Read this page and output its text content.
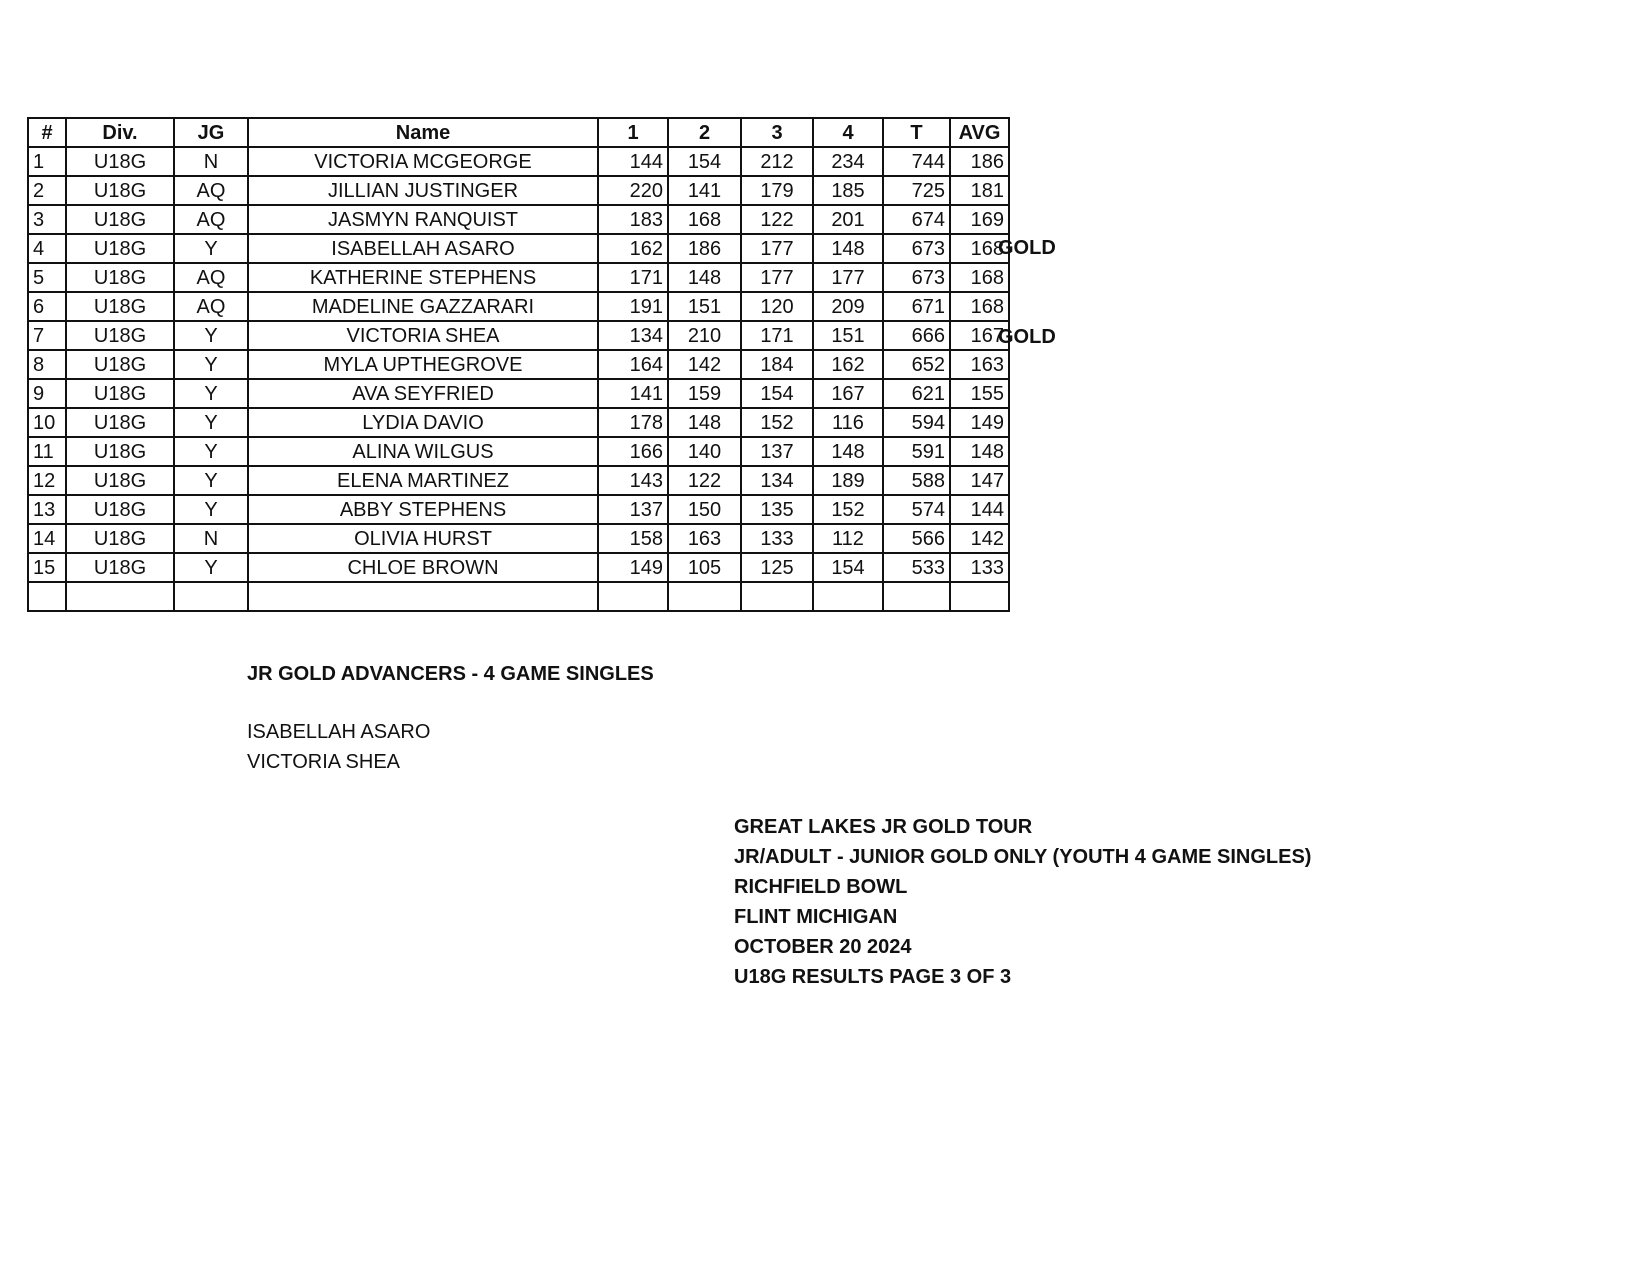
#	Div.	JG	Name	1	2	3	4	T	AVG
1	U18G	N	VICTORIA MCGEORGE	144	154	212	234	744	186
2	U18G	AQ	JILLIAN JUSTINGER	220	141	179	185	725	181
3	U18G	AQ	JASMYN RANQUIST	183	168	122	201	674	169
4	U18G	Y	ISABELLAH ASARO	162	186	177	148	673	168
5	U18G	AQ	KATHERINE STEPHENS	171	148	177	177	673	168
6	U18G	AQ	MADELINE GAZZARARI	191	151	120	209	671	168
7	U18G	Y	VICTORIA SHEA	134	210	171	151	666	167
8	U18G	Y	MYLA UPTHEGROVE	164	142	184	162	652	163
9	U18G	Y	AVA SEYFRIED	141	159	154	167	621	155
10	U18G	Y	LYDIA DAVIO	178	148	152	116	594	149
11	U18G	Y	ALINA WILGUS	166	140	137	148	591	148
12	U18G	Y	ELENA MARTINEZ	143	122	134	189	588	147
13	U18G	Y	ABBY STEPHENS	137	150	135	152	574	144
14	U18G	N	OLIVIA HURST	158	163	133	112	566	142
15	U18G	Y	CHLOE BROWN	149	105	125	154	533	133

GOLD
GOLD
JR GOLD ADVANCERS - 4 GAME SINGLES
ISABELLAH ASARO
VICTORIA SHEA
GREAT LAKES JR GOLD TOUR
JR/ADULT - JUNIOR GOLD ONLY (YOUTH 4 GAME SINGLES)
RICHFIELD BOWL
FLINT MICHIGAN
OCTOBER 20 2024
U18G RESULTS PAGE 3 OF 3
